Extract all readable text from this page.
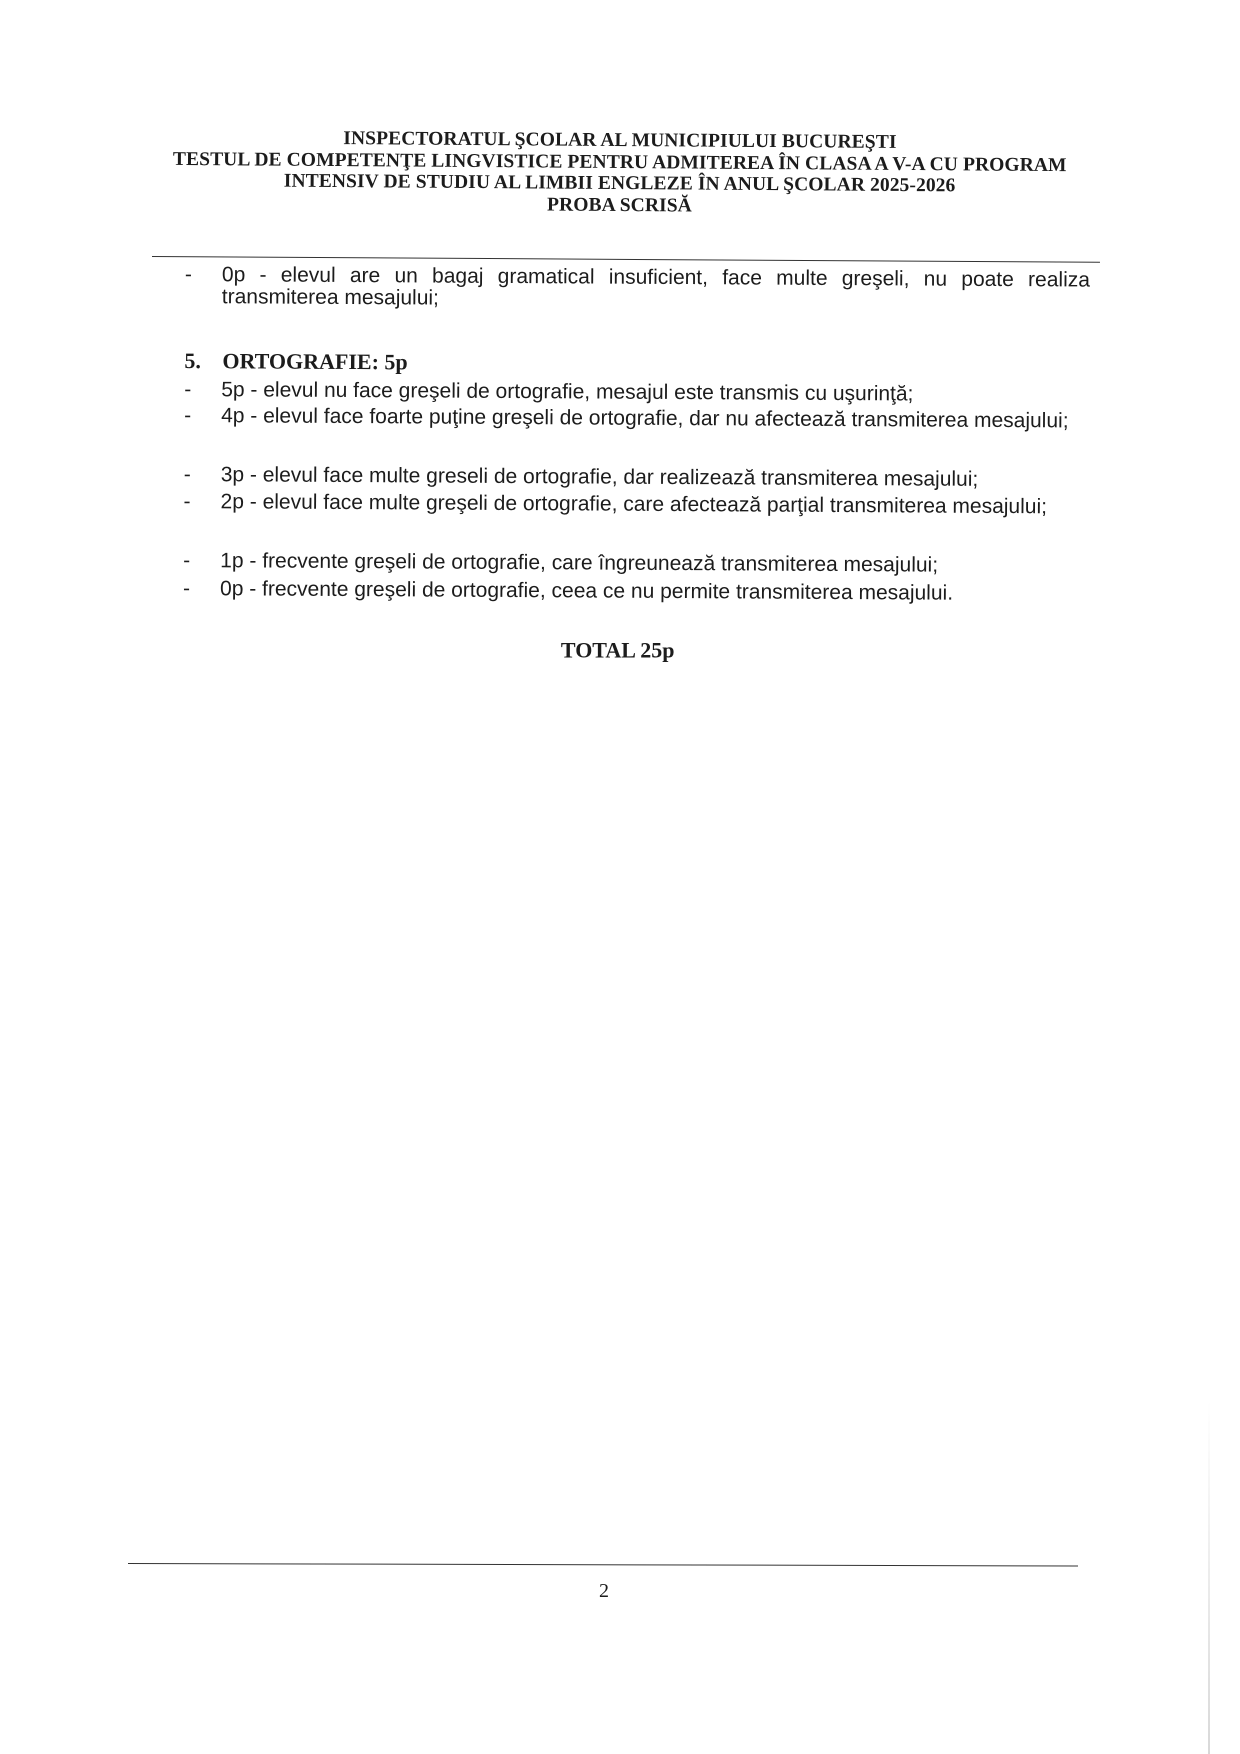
INSPECTORATUL ŞCOLAR AL MUNICIPIULUI BUCUREŞTI
TESTUL DE COMPETENŢE LINGVISTICE PENTRU ADMITEREA ÎN CLASA A V-A CU PROGRAM
INTENSIV DE STUDIU AL LIMBII ENGLEZE ÎN ANUL ŞCOLAR 2025-2026
PROBA SCRISĂ
- 0p - elevul are un bagaj gramatical insuficient, face multe greşeli, nu poate realiza transmiterea mesajului;
5. ORTOGRAFIE: 5p
- 5p - elevul nu face greşeli de ortografie, mesajul este transmis cu uşurinţă;
- 4p - elevul face foarte puţine greşeli de ortografie, dar nu afectează transmiterea mesajului;
- 3p - elevul face multe greseli de ortografie, dar realizează transmiterea mesajului;
- 2p - elevul face multe greşeli de ortografie, care afectează parţial transmiterea mesajului;
- 1p - frecvente greşeli de ortografie, care îngreunează transmiterea mesajului;
- 0p - frecvente greşeli de ortografie, ceea ce nu permite transmiterea mesajului.
TOTAL 25p
2
